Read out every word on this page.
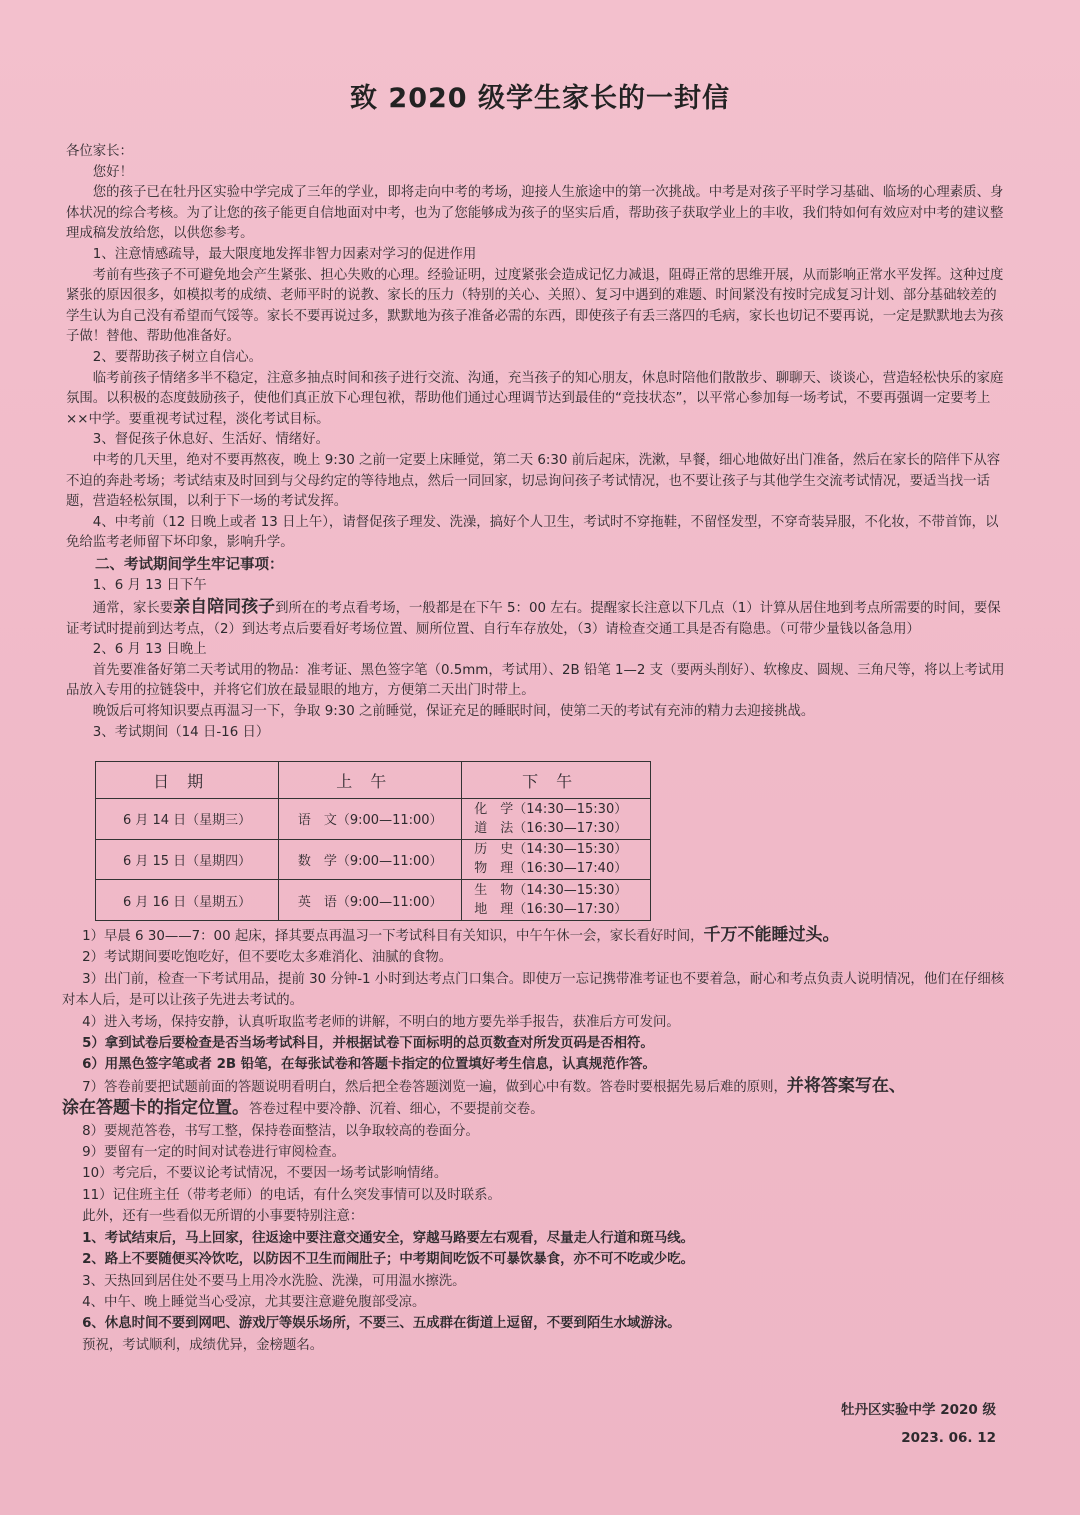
致 2020 级学生家长的一封信

各位家长：

您好！

您的孩子已在牡丹区实验中学完成了三年的学业，即将走向中考的考场，迎接人生旅途中的第一次挑战。中考是对孩子平时学习基础、临场的心理素质、身体状况的综合考核。为了让您的孩子能更自信地面对中考，也为了您能够成为孩子的坚实后盾，帮助孩子获取学业上的丰收，我们特如何有效应对中考的建议整理成稿发放给您，以供您参考。

1、注意情感疏导，最大限度地发挥非智力因素对学习的促进作用

考前有些孩子不可避免地会产生紧张、担心失败的心理。经验证明，过度紧张会造成记忆力减退，阻碍正常的思维开展，从而影响正常水平发挥。这种过度紧张的原因很多，如模拟考的成绩、老师平时的说教、家长的压力（特别的关心、关照）、复习中遇到的难题、时间紧没有按时完成复习计划、部分基础较差的学生认为自己没有希望而气馁等。家长不要再说过多，默默地为孩子准备必需的东西，即使孩子有丢三落四的毛病，家长也切记不要再说，一定是默默地去为孩子做！替他、帮助他准备好。

2、要帮助孩子树立自信心。

临考前孩子情绪多半不稳定，注意多抽点时间和孩子进行交流、沟通，充当孩子的知心朋友，休息时陪他们散散步、聊聊天、谈谈心，营造轻松快乐的家庭氛围。以积极的态度鼓励孩子，使他们真正放下心理包袱，帮助他们通过心理调节达到最佳的“竞技状态”，以平常心参加每一场考试，不要再强调一定要考上××中学。要重视考试过程，淡化考试目标。

3、督促孩子休息好、生活好、情绪好。

中考的几天里，绝对不要再熬夜，晚上 9:30 之前一定要上床睡觉，第二天 6:30 前后起床，洗漱，早餐，细心地做好出门准备，然后在家长的陪伴下从容不迫的奔赴考场；考试结束及时回到与父母约定的等待地点，然后一同回家，切忌询问孩子考试情况，也不要让孩子与其他学生交流考试情况，要适当找一话题，营造轻松氛围，以利于下一场的考试发挥。

4、中考前（12 日晚上或者 13 日上午），请督促孩子理发、洗澡，搞好个人卫生，考试时不穿拖鞋，不留怪发型，不穿奇装异服，不化妆，不带首饰，以免给监考老师留下坏印象，影响升学。

二、考试期间学生牢记事项：

1、6 月 13 日下午

通常，家长要亲自陪同孩子到所在的考点看考场，一般都是在下午 5：00 左右。提醒家长注意以下几点（1）计算从居住地到考点所需要的时间，要保证考试时提前到达考点，（2）到达考点后要看好考场位置、厕所位置、自行车存放处，（3）请检查交通工具是否有隐患。（可带少量钱以备急用）

2、6 月 13 日晚上

首先要准备好第二天考试用的物品：准考证、黑色签字笔（0.5mm，考试用）、2B 铅笔 1—2 支（要两头削好）、软橡皮、圆规、三角尺等，将以上考试用品放入专用的拉链袋中，并将它们放在最显眼的地方，方便第二天出门时带上。

晚饭后可将知识要点再温习一下，争取 9:30 之前睡觉，保证充足的睡眠时间，使第二天的考试有充沛的精力去迎接挑战。

3、考试期间（14 日-16 日）

日期	上午	下午
6 月 14 日（星期三）	语　文（9:00—11:00）	化　学（14:30—15:30）
道　法（16:30—17:30）

6 月 15 日（星期四）	数　学（9:00—11:00）	历　史（14:30—15:30）
物　理（16:30—17:40）

6 月 16 日（星期五）	英　语（9:00—11:00）	生　物（14:30—15:30）
地　理（16:30—17:30）

1）早晨 6 30——7：00 起床，择其要点再温习一下考试科目有关知识，中午午休一会，家长看好时间，千万不能睡过头。

2）考试期间要吃饱吃好，但不要吃太多难消化、油腻的食物。

3）出门前，检查一下考试用品，提前 30 分钟-1 小时到达考点门口集合。即使万一忘记携带准考证也不要着急，耐心和考点负责人说明情况，他们在仔细核对本人后，是可以让孩子先进去考试的。

4）进入考场，保持安静，认真听取监考老师的讲解，不明白的地方要先举手报告，获准后方可发问。

5）拿到试卷后要检查是否当场考试科目，并根据试卷下面标明的总页数查对所发页码是否相符。

6）用黑色签字笔或者 2B 铅笔，在每张试卷和答题卡指定的位置填好考生信息，认真规范作答。

7）答卷前要把试题前面的答题说明看明白，然后把全卷答题浏览一遍，做到心中有数。答卷时要根据先易后难的原则，并将答案写在、
涂在答题卡的指定位置。答卷过程中要冷静、沉着、细心，不要提前交卷。

8）要规范答卷，书写工整，保持卷面整洁，以争取较高的卷面分。

9）要留有一定的时间对试卷进行审阅检查。

10）考完后，不要议论考试情况，不要因一场考试影响情绪。

11）记住班主任（带考老师）的电话，有什么突发事情可以及时联系。

此外，还有一些看似无所谓的小事要特别注意：

1、考试结束后，马上回家，往返途中要注意交通安全，穿越马路要左右观看，尽量走人行道和斑马线。

2、路上不要随便买冷饮吃，以防因不卫生而闹肚子；中考期间吃饭不可暴饮暴食，亦不可不吃或少吃。

3、天热回到居住处不要马上用冷水洗脸、洗澡，可用温水擦洗。

4、中午、晚上睡觉当心受凉，尤其要注意避免腹部受凉。

6、休息时间不要到网吧、游戏厅等娱乐场所，不要三、五成群在街道上逗留，不要到陌生水域游泳。

预祝，考试顺利，成绩优异，金榜题名。

牡丹区实验中学 2020 级
2023. 06. 12
